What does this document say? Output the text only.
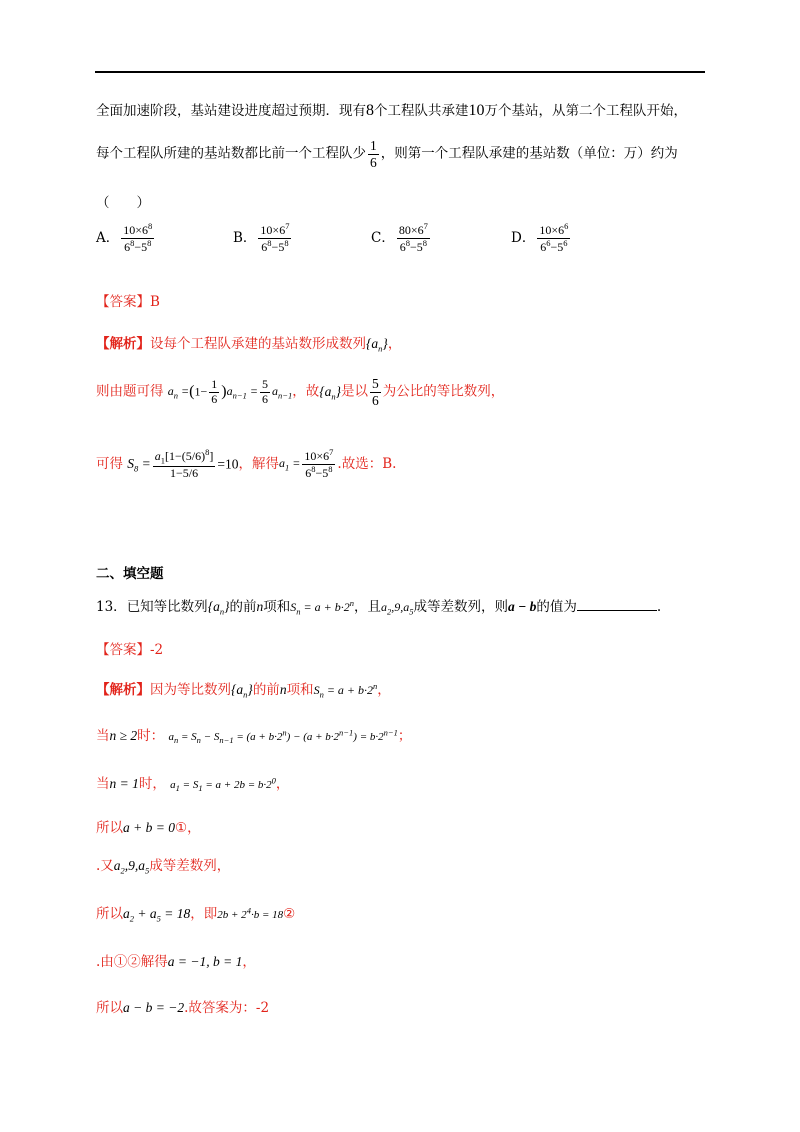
全面加速阶段，基站建设进度超过预期．现有8个工程队共承建10万个基站，从第二个工程队开始，
每个工程队所建的基站数都比前一个工程队少 $\frac{1}{6}$ ，则第一个工程队承建的基站数（单位：万）约为
（　　）
A． $\frac{10\times 6^8}{6^8-5^8}$	B． $\frac{10\times 6^7}{6^8-5^8}$	C． $\frac{80\times 6^7}{6^8-5^8}$	D． $\frac{10\times 6^6}{6^6-5^6}$
【答案】B
【解析】设每个工程队承建的基站数形成数列$\{a_n\}$，
则由题可得 $a_n =(1- \frac{1}{6} )a_{n-1} = \frac{5}{6} a_{n-1}$，故$\{a_n\}$是以 $\frac{5}{6}$ 为公比的等比数列，
可得 $S_8 = \frac{a_1[1-(5/6)^8]}{1-5/6} =10$，解得$a_1 = \frac{10\times 6^7}{6^8-5^8}$ .故选：B.
二、填空题
13．已知等比数列$\{a_n\}$的前n项和$S_n = a + b\cdot 2^n$，且$a_2,9,a_5$成等差数列，则a − b的值为	.
【答案】-2
【解析】因为等比数列$\{a_n\}$的前n项和$S_n = a + b\cdot 2^n$，
当n ≥ 2时： $a_n = S_n - S_{n-1} = (a + b\cdot 2^n) - (a + b\cdot 2^{n-1}) = b\cdot 2^{n-1}$；
当n = 1时， $a_1 = S_1 = a + 2b = b\cdot 2^0$，
所以a + b = 0①，
.又$a_2,9,a_5$成等差数列，
所以$a_2 + a_5 = 18$，即$2b + 2^4\cdot b$ = 18②
.由①②解得a = −1, b = 1，
所以a − b = −2.故答案为：-2
